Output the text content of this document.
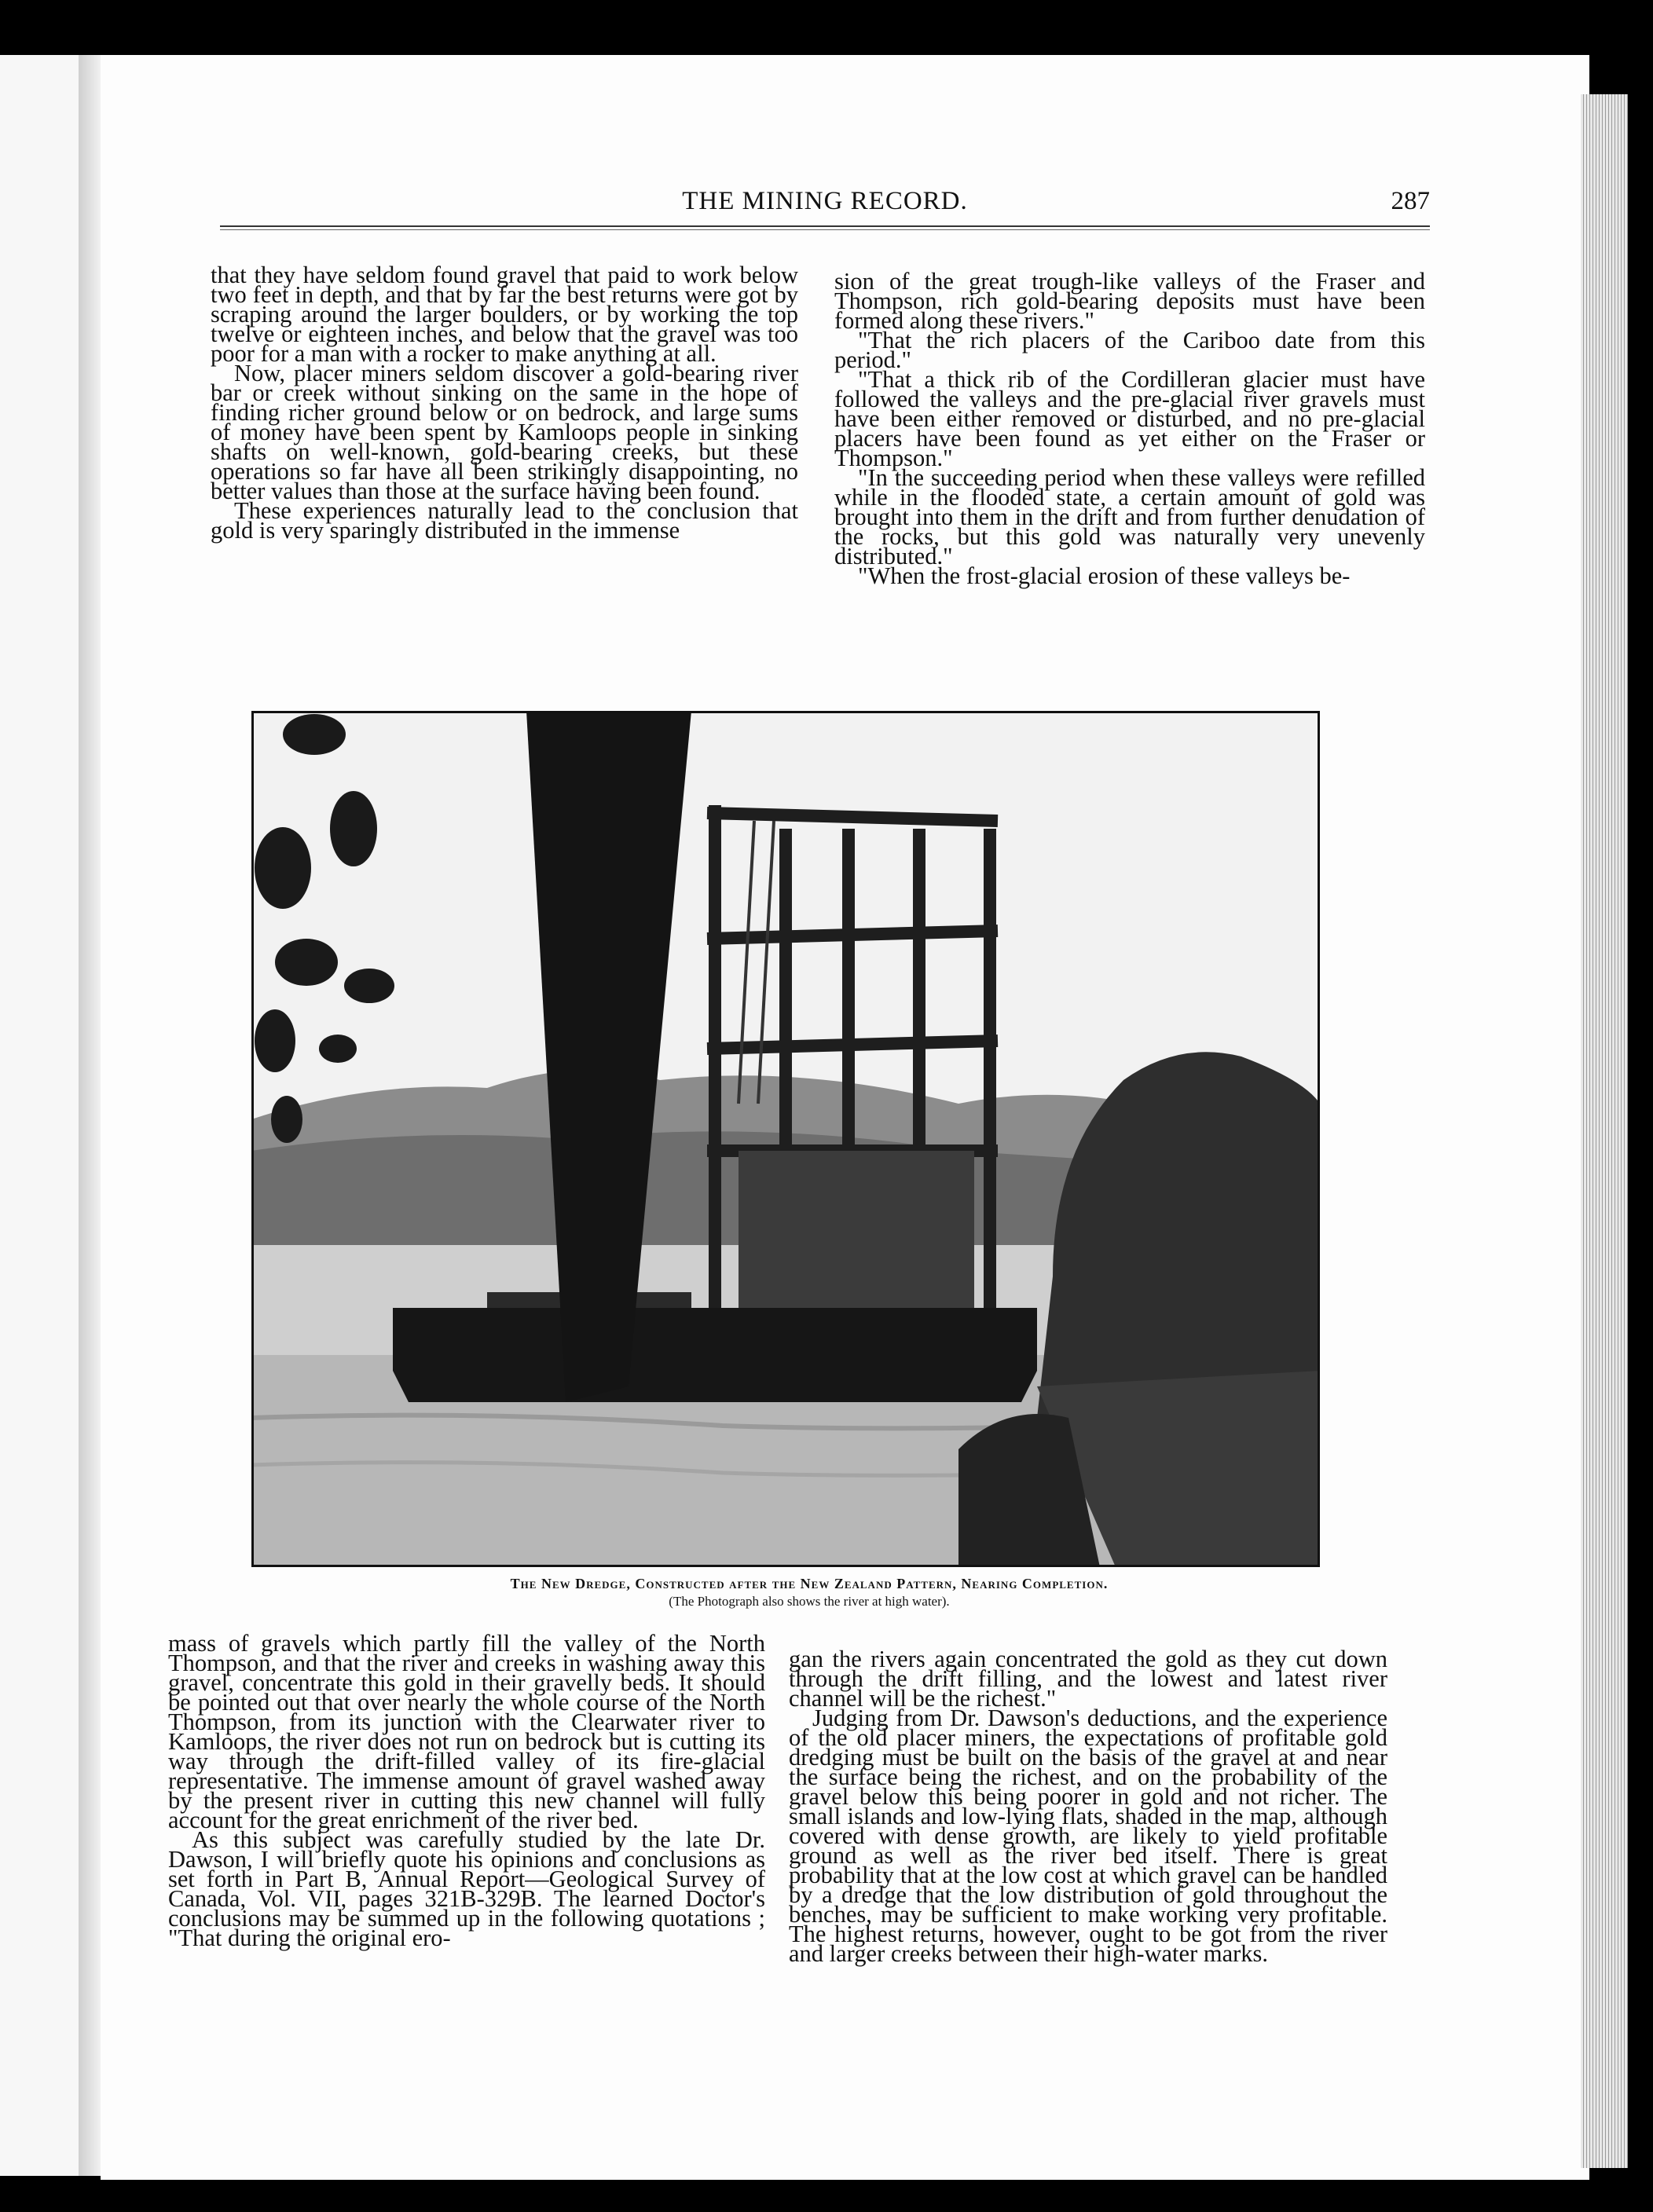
THE MINING RECORD.	287

that they have seldom found gravel that paid to work below two feet in depth, and that by far the best returns were got by scraping around the larger boulders, or by working the top twelve or eighteen inches, and below that the gravel was too poor for a man with a rocker to make anything at all.

Now, placer miners seldom discover a gold-bearing river bar or creek without sinking on the same in the hope of finding richer ground below or on bedrock, and large sums of money have been spent by Kamloops people in sinking shafts on well-known, gold-bearing creeks, but these operations so far have all been strikingly disappointing, no better values than those at the surface having been found.

These experiences naturally lead to the conclusion that gold is very sparingly distributed in the immense

sion of the great trough-like valleys of the Fraser and Thompson, rich gold-bearing deposits must have been formed along these rivers."

"That the rich placers of the Cariboo date from this period."

"That a thick rib of the Cordilleran glacier must have followed the valleys and the pre-glacial river gravels must have been either removed or disturbed, and no pre-glacial placers have been found as yet either on the Fraser or Thompson."

"In the succeeding period when these valleys were refilled while in the flooded state, a certain amount of gold was brought into them in the drift and from further denudation of the rocks, but this gold was naturally very unevenly distributed."

"When the frost-glacial erosion of these valleys be-

The New Dredge, Constructed after the New Zealand Pattern, Nearing Completion.
(The Photograph also shows the river at high water).

mass of gravels which partly fill the valley of the North Thompson, and that the river and creeks in washing away this gravel, concentrate this gold in their gravelly beds. It should be pointed out that over nearly the whole course of the North Thompson, from its junction with the Clearwater river to Kamloops, the river does not run on bedrock but is cutting its way through the drift-filled valley of its fire-glacial representative. The immense amount of gravel washed away by the present river in cutting this new channel will fully account for the great enrichment of the river bed.

As this subject was carefully studied by the late Dr. Dawson, I will briefly quote his opinions and conclusions as set forth in Part B, Annual Report—Geological Survey of Canada, Vol. VII, pages 321B-329B. The learned Doctor's conclusions may be summed up in the following quotations ; "That during the original ero-

gan the rivers again concentrated the gold as they cut down through the drift filling, and the lowest and latest river channel will be the richest."

Judging from Dr. Dawson's deductions, and the experience of the old placer miners, the expectations of profitable gold dredging must be built on the basis of the gravel at and near the surface being the richest, and on the probability of the gravel below this being poorer in gold and not richer. The small islands and low-lying flats, shaded in the map, although covered with dense growth, are likely to yield profitable ground as well as the river bed itself. There is great probability that at the low cost at which gravel can be handled by a dredge that the low distribution of gold throughout the benches, may be sufficient to make working very profitable. The highest returns, however, ought to be got from the river and larger creeks between their high-water marks.
